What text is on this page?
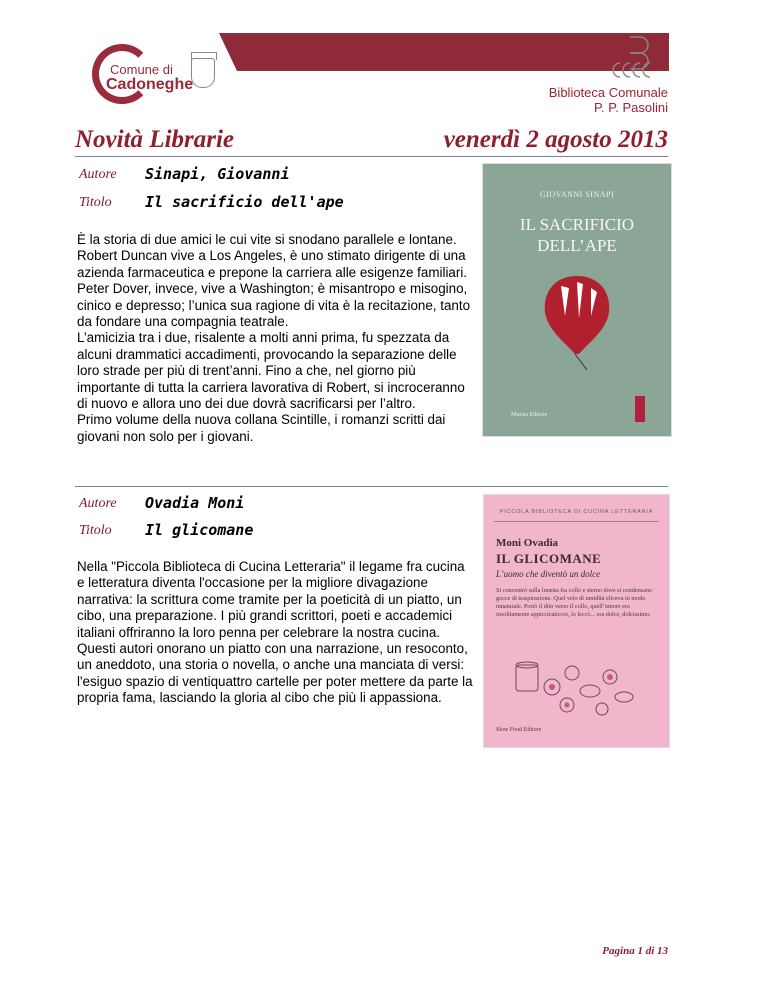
Comune di
Cadoneghe	Biblioteca Comunale
P. P. Pasolini
Novità Librarie	venerdì 2 agosto 2013
Autore Sinapi, Giovanni
Titolo Il sacrificio dell'ape

È la storia di due amici le cui vite si snodano parallele e lontane.

Robert Duncan vive a Los Angeles, è uno stimato dirigente di una azienda farmaceutica e prepone la carriera alle esigenze familiari.

Peter Dover, invece, vive a Washington; è misantropo e misogino, cinico e depresso; l’unica sua ragione di vita è la recitazione, tanto da fondare una compagnia teatrale.

L’amicizia tra i due, risalente a molti anni prima, fu spezzata da alcuni drammatici accadimenti, provocando la separazione delle loro strade per più di trent’anni. Fino a che, nel giorno più importante di tutta la carriera lavorativa di Robert, si incroceranno di nuovo e allora uno dei due dovrà sacrificarsi per l’altro.

Primo volume della nuova collana Scintille, i romanzi scritti dai giovani non solo per i giovani.

GIOVANNI SINAPI
IL SACRIFICIO
DELL’APE
Mursia Editore
Autore Ovadia Moni
Titolo Il glicomane

Nella "Piccola Biblioteca di Cucina Letteraria" il legame fra cucina e letteratura diventa l'occasione per la migliore divagazione narrativa: la scrittura come tramite per la poeticità di un piatto, un cibo, una preparazione. I più grandi scrittori, poeti e accademici italiani offriranno la loro penna per celebrare la nostra cucina. Questi autori onorano un piatto con una narrazione, un resoconto, un aneddoto, una storia o novella, o anche una manciata di versi: l'esiguo spazio di ventiquattro cartelle per poter mettere da parte la propria fama, lasciando la gloria al cibo che più li appassiona.

PICCOLA BIBLIOTECA DI CUCINA LETTERARIA
Moni Ovadia
IL GLICOMANE
L’uomo che diventò un dolce
Si concentrò sulla lunetta fra collo e sterno dove si condensano gocce di traspirazione. Quel velo di umidità eliceva in modo innaturale. Portò il dito verso il collo, quell’umore era insolitamente appiccicaticcio, lo leccò... era dolce, dolcissimo.
Slow Food Editore
Pagina 1 di 13
